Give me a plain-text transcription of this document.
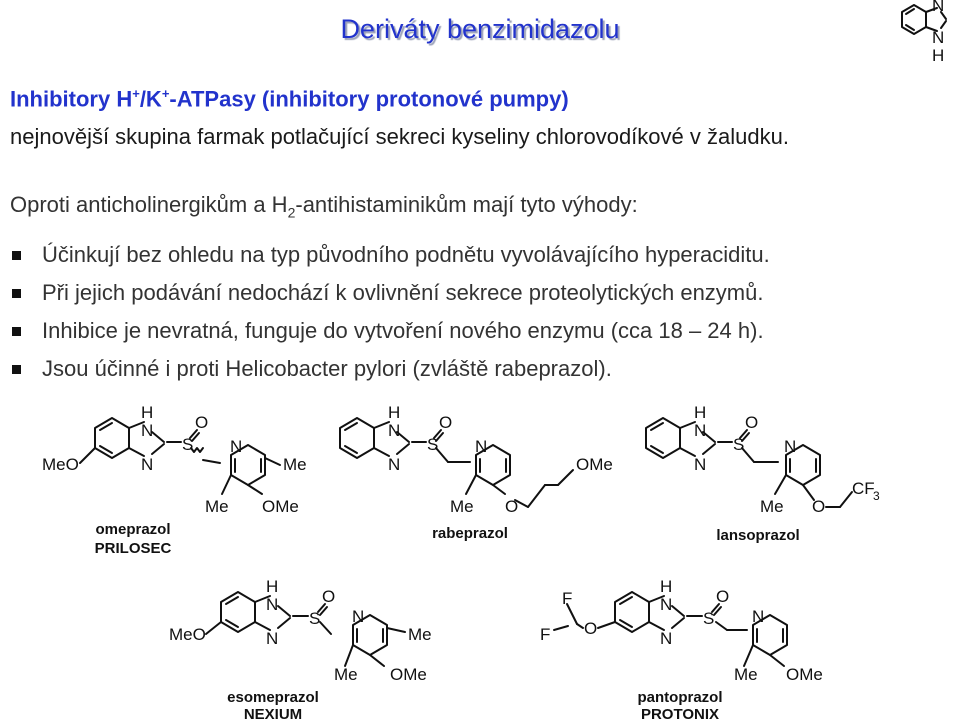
Deriváty benzimidazolu
Inhibitory H+/K+-ATPasy (inhibitory protonové pumpy)
nejnovější skupina farmak potlačující sekreci kyseliny chlorovodíkové v žaludku.
Oproti anticholinergikům a $H_2$-antihistaminikům mají tyto výhody:
Účinkují bez ohledu na typ původního podnětu vyvolávajícího hyperaciditu.
Při jejich podávání nedochází k ovlivnění sekrece proteolytických enzymů.
Inhibice je nevratná, funguje do vytvoření nového enzymu (cca 18 – 24 h).
Jsou účinné i proti Helicobacter pylori (zvláště rabeprazol).
N
N
H
H
N
N
S
O
N
MeO	Me
Me OMe
H
N
N
S
O
N
Me O
OMe
H
N
N
S
O
N
Me O
CF
3
H
N
N
S
O
N
MeO	Me
Me OMe
H
N
N
S
O
N
O
F
F
Me OMe
omeprazol
PRILOSEC
rabeprazol	lansoprazol
esomeprazol
NEXIUM
pantoprazol
PROTONIX
